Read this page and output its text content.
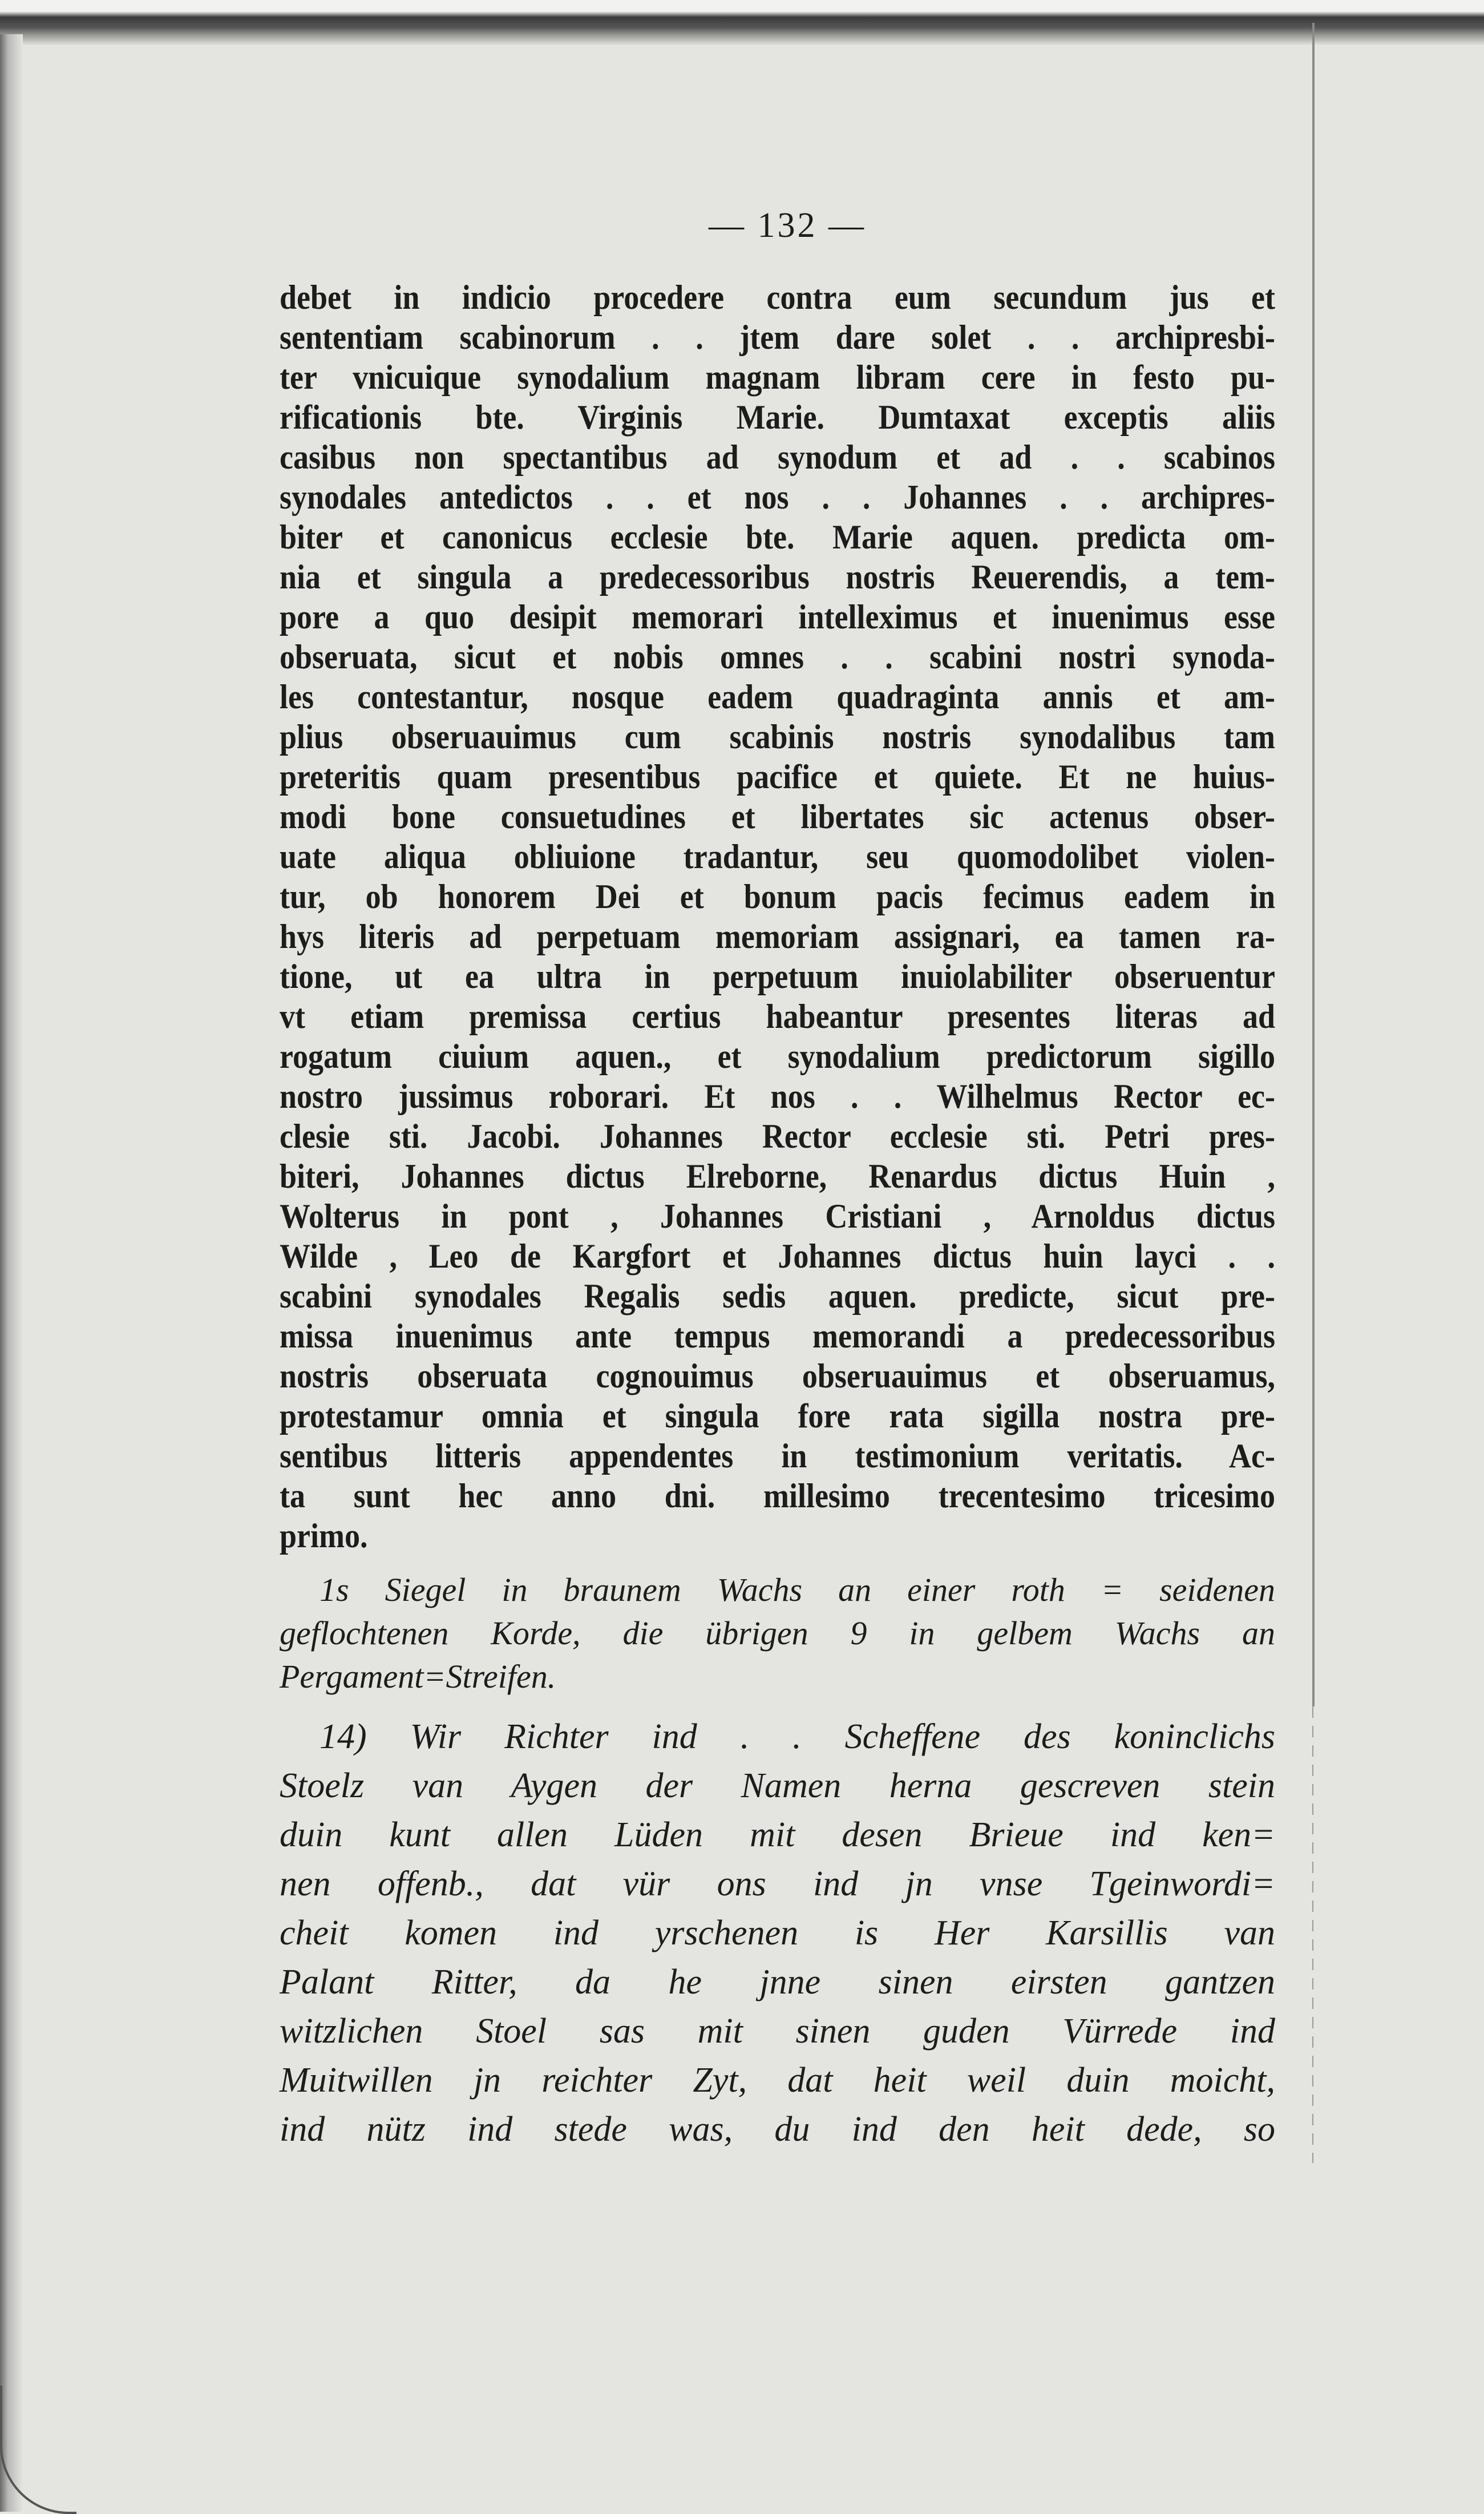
— 132 —
debet in indicio procedere contra eum secundum jus et
sententiam scabinorum . . jtem dare solet . . archipresbi-
ter vnicuique synodalium magnam libram cere in festo pu-
rificationis bte. Virginis Marie. Dumtaxat exceptis aliis
casibus non spectantibus ad synodum et ad . . scabinos
synodales antedictos . . et nos . . Johannes . . archipres-
biter et canonicus ecclesie bte. Marie aquen. predicta om-
nia et singula a predecessoribus nostris Reuerendis, a tem-
pore a quo desipit memorari intelleximus et inuenimus esse
obseruata, sicut et nobis omnes . . scabini nostri synoda-
les contestantur, nosque eadem quadraginta annis et am-
plius obseruauimus cum scabinis nostris synodalibus tam
preteritis quam presentibus pacifice et quiete. Et ne huius-
modi bone consuetudines et libertates sic actenus obser-
uate aliqua obliuione tradantur, seu quomodolibet violen-
tur, ob honorem Dei et bonum pacis fecimus eadem in
hys literis ad perpetuam memoriam assignari, ea tamen ra-
tione, ut ea ultra in perpetuum inuiolabiliter obseruentur
vt etiam premissa certius habeantur presentes literas ad
rogatum ciuium aquen., et synodalium predictorum sigillo
nostro jussimus roborari. Et nos . . Wilhelmus Rector ec-
clesie sti. Jacobi. Johannes Rector ecclesie sti. Petri pres-
biteri, Johannes dictus Elreborne, Renardus dictus Huin ,
Wolterus in pont , Johannes Cristiani , Arnoldus dictus
Wilde , Leo de Kargfort et Johannes dictus huin layci . .
scabini synodales Regalis sedis aquen. predicte, sicut pre-
missa inuenimus ante tempus memorandi a predecessoribus
nostris obseruata cognouimus obseruauimus et obseruamus,
protestamur omnia et singula fore rata sigilla nostra pre-
sentibus litteris appendentes in testimonium veritatis. Ac-
ta sunt hec anno dni. millesimo trecentesimo tricesimo
primo.
1s Siegel in braunem Wachs an einer roth = seidenen
geflochtenen Korde, die übrigen 9 in gelbem Wachs an
Pergament=Streifen.
14) Wir Richter ind . . Scheffene des koninclichs
Stoelz van Aygen der Namen herna gescreven stein
duin kunt allen Lüden mit desen Brieue ind ken=
nen offenb., dat vür ons ind jn vnse Tgeinwordi=
cheit komen ind yrschenen is Her Karsillis van
Palant Ritter, da he jnne sinen eirsten gantzen
witzlichen Stoel sas mit sinen guden Vürrede ind
Muitwillen jn reichter Zyt, dat heit weil duin moicht,
ind nütz ind stede was, du ind den heit dede, so
